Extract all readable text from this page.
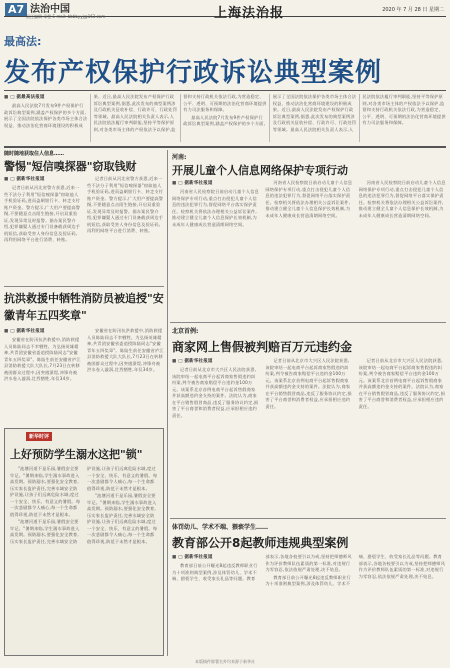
A7 法治中国	上海法治报	2020 年 7 月 28 日 星期二
责任编辑 章程 E-mail: bbbbyyj@163.com
最高法:
发布产权保护行政诉讼典型案例
■ □ 据最高法报道

最高人民法院7月发布9件产权保护行政诉讼典型案例,涵盖产权保护的多个方面,展示了全国法院依法保护各类市场主体合法权益、推动法治化营商环境建设的积极成果。近日,最高人民法院发布产权保护行政诉讼典型案例,据悉,此次发布的典型案例涉及行政机关征收补偿、行政许可、行政处罚等领域。最高人民法院相关负责人表示,人民法院依法履行审判职能,坚持平等保护原则,对各类市场主体的产权依法予以保护,监督和支持行政机关依法行政,为营造稳定、公平、透明、可预期的法治化营商环境提供有力司法服务和保障。

最高人民法院7月发布9件产权保护行政诉讼典型案例,涵盖产权保护的多个方面,展示了全国法院依法保护各类市场主体合法权益、推动法治化营商环境建设的积极成果。近日,最高人民法院发布产权保护行政诉讼典型案例,据悉,此次发布的典型案例涉及行政机关征收补偿、行政许可、行政处罚等领域。最高人民法院相关负责人表示,人民法院依法履行审判职能,坚持平等保护原则,对各类市场主体的产权依法予以保护,监督和支持行政机关依法行政,为营造稳定、公平、透明、可预期的法治化营商环境提供有力司法服务和保障。

随时随地获取住人信息……
警惕"短信嗅探器"窃取钱财
■ □ 据新华社报道

记者日前从河北省警方获悉,近来一些不法分子利用"短信嗅探器"窃取他人手机验证码,进而盗刷银行卡、转走支付账户资金。警方提示,广大用户要提高警惕,不要随意点击陌生链接,开启双重验证,发现异常及时报警。据办案民警介绍,犯罪嫌疑人通过专门设备截获周边手机短信,获取受害人身份信息及验证码,再利用网络平台进行消费、转账。

记者日前从河北省警方获悉,近来一些不法分子利用"短信嗅探器"窃取他人手机验证码,进而盗刷银行卡、转走支付账户资金。警方提示,广大用户要提高警惕,不要随意点击陌生链接,开启双重验证,发现异常及时报警。据办案民警介绍,犯罪嫌疑人通过专门设备截获周边手机短信,获取受害人身份信息及验证码,再利用网络平台进行消费、转账。

抗洪救援中牺牲消防员被追授"安徽青年五四奖章"
■ □ 据新华社报道

安徽省在防汛抗洪救援中,消防救援人员陈陆同志不幸牺牲。为弘扬英雄精神,共青团安徽省委追授陈陆同志"安徽青年五四奖章"。陈陆生前任安徽省庐江县消防救援大队大队长,7月23日在转移被困群众过程中,因突遇溃堤,冲锋舟被洪水卷入漩涡,壮烈牺牲,年仅34岁。

安徽省在防汛抗洪救援中,消防救援人员陈陆同志不幸牺牲。为弘扬英雄精神,共青团安徽省委追授陈陆同志"安徽青年五四奖章"。陈陆生前任安徽省庐江县消防救援大队大队长,7月23日在转移被困群众过程中,因突遇溃堤,冲锋舟被洪水卷入漩涡,壮烈牺牲,年仅34岁。

新华时评
上好预防学生溺水这把"锁"

"池塘河道不是乐园,暑假安全要牢记。"暑期来临,学生溺水事故进入高发期。预防溺水,要强化安全教育,压实家长监护责任,完善水域安全防护设施,让孩子们远离危险水域,度过一个安全、快乐、有意义的暑假。每一次悲剧都令人痛心,每一个生命都值得珍视,防范于未然才是根本。

"池塘河道不是乐园,暑假安全要牢记。"暑期来临,学生溺水事故进入高发期。预防溺水,要强化安全教育,压实家长监护责任,完善水域安全防护设施,让孩子们远离危险水域,度过一个安全、快乐、有意义的暑假。每一次悲剧都令人痛心,每一个生命都值得珍视,防范于未然才是根本。

"池塘河道不是乐园,暑假安全要牢记。"暑期来临,学生溺水事故进入高发期。预防溺水,要强化安全教育,压实家长监护责任,完善水域安全防护设施,让孩子们远离危险水域,度过一个安全、快乐、有意义的暑假。每一次悲剧都令人痛心,每一个生命都值得珍视,防范于未然才是根本。

河南:
开展儿童个人信息网络保护专项行动
■ □ 据新华社报道

河南省人民检察院日前启动儿童个人信息网络保护专项行动,重点打击侵犯儿童个人信息的违法犯罪行为,督促网络平台落实保护责任。检察机关将依法办理相关公益诉讼案件,推动建立健全儿童个人信息保护长效机制,为未成年人健康成长营造清朗网络空间。

河南省人民检察院日前启动儿童个人信息网络保护专项行动,重点打击侵犯儿童个人信息的违法犯罪行为,督促网络平台落实保护责任。检察机关将依法办理相关公益诉讼案件,推动建立健全儿童个人信息保护长效机制,为未成年人健康成长营造清朗网络空间。

河南省人民检察院日前启动儿童个人信息网络保护专项行动,重点打击侵犯儿童个人信息的违法犯罪行为,督促网络平台落实保护责任。检察机关将依法办理相关公益诉讼案件,推动建立健全儿童个人信息保护长效机制,为未成年人健康成长营造清朗网络空间。

北京首例:
商家网上售假被判赔百万元违约金
■ □ 据新华社报道

记者日前从北京市大兴区人民法院获悉,该院审结一起电商平台起诉商家售假违约纠纷案,判令被告商家赔偿平台违约金100万元。该案系北京首例电商平台起诉售假商家并获高额违约金支持的案件。法院认为,商家在平台销售假冒商品,违反了服务协议约定,损害了平台商誉和消费者权益,应承担相应违约责任。

记者日前从北京市大兴区人民法院获悉,该院审结一起电商平台起诉商家售假违约纠纷案,判令被告商家赔偿平台违约金100万元。该案系北京首例电商平台起诉售假商家并获高额违约金支持的案件。法院认为,商家在平台销售假冒商品,违反了服务协议约定,损害了平台商誉和消费者权益,应承担相应违约责任。

记者日前从北京市大兴区人民法院获悉,该院审结一起电商平台起诉商家售假违约纠纷案,判令被告商家赔偿平台违约金100万元。该案系北京首例电商平台起诉售假商家并获高额违约金支持的案件。法院认为,商家在平台销售假冒商品,违反了服务协议约定,损害了平台商誉和消费者权益,应承担相应违约责任。

体罚幼儿、学术不端、猥亵学生……
教育部公开8起教师违规典型案例
■ □ 据新华社报道

教育部日前公开曝光8起违反教师职业行为十项准则典型案例,涉及体罚幼儿、学术不端、猥亵学生、收受家长礼品等问题。教育部表示,各地各校要引以为戒,坚持把师德师风作为评价教师队伍素质的第一标准,对违规行为零容忍,依法依规严肃处理,决不姑息。

教育部日前公开曝光8起违反教师职业行为十项准则典型案例,涉及体罚幼儿、学术不端、猥亵学生、收受家长礼品等问题。教育部表示,各地各校要引以为戒,坚持把师德师风作为评价教师队伍素质的第一标准,对违规行为零容忍,依法依规严肃处理,决不姑息。

本版稿件除署名外均来源于新华社
